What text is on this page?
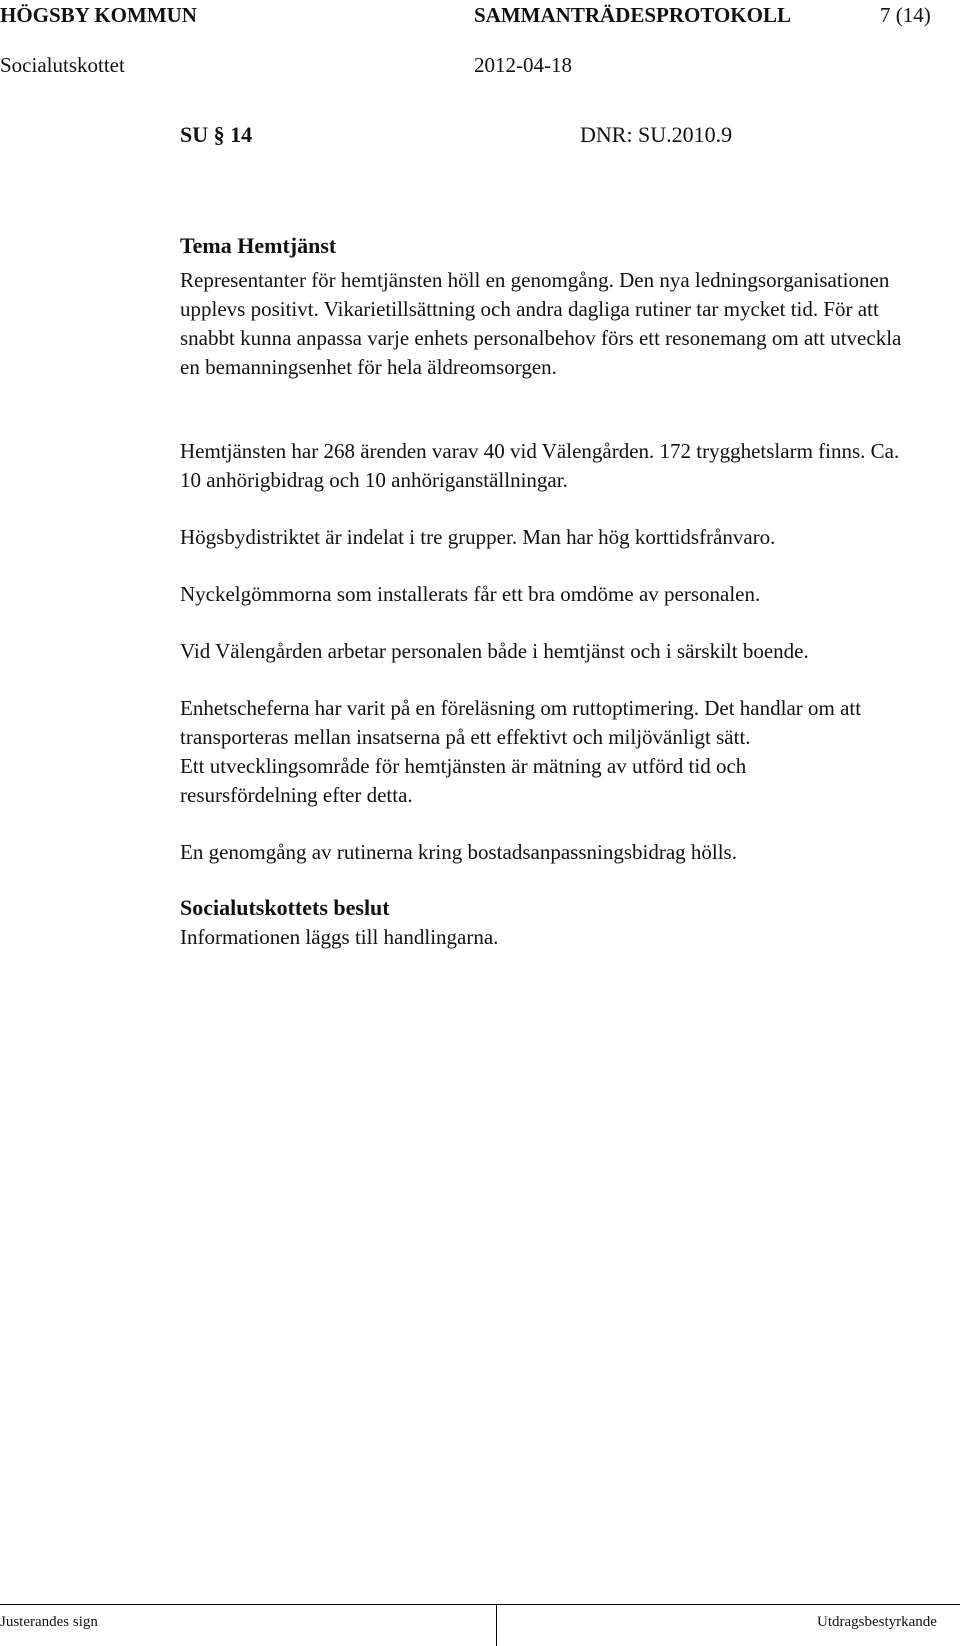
HÖGSBY KOMMUN	SAMMANTRÄDESPROTOKOLL	7 (14)
Socialutskottet	2012-04-18
SU § 14	DNR: SU.2010.9
Tema Hemtjänst
Representanter för hemtjänsten höll en genomgång. Den nya ledningsorganisationen upplevs positivt. Vikarietillsättning och andra dagliga rutiner tar mycket tid. För att snabbt kunna anpassa varje enhets personalbehov förs ett resonemang om att utveckla en bemanningsenhet för hela äldreomsorgen.
Hemtjänsten har 268 ärenden varav 40 vid Välengården. 172 trygghetslarm finns. Ca. 10 anhörigbidrag och 10 anhöriganställningar.
Högsbydistriktet är indelat i tre grupper. Man har hög korttidsfrånvaro.
Nyckelgömmorna som installerats får ett bra omdöme av personalen.
Vid Välengården arbetar personalen både i hemtjänst och i särskilt boende.
Enhetscheferna har varit på en föreläsning om ruttoptimering. Det handlar om att transporteras mellan insatserna på ett effektivt och miljövänligt sätt.
Ett utvecklingsområde för hemtjänsten är mätning av utförd tid och resursfördelning efter detta.
En genomgång av rutinerna kring bostadsanpassningsbidrag hölls.
Socialutskottets beslut
Informationen läggs till handlingarna.
Justerandes sign	Utdragsbestyrkande
